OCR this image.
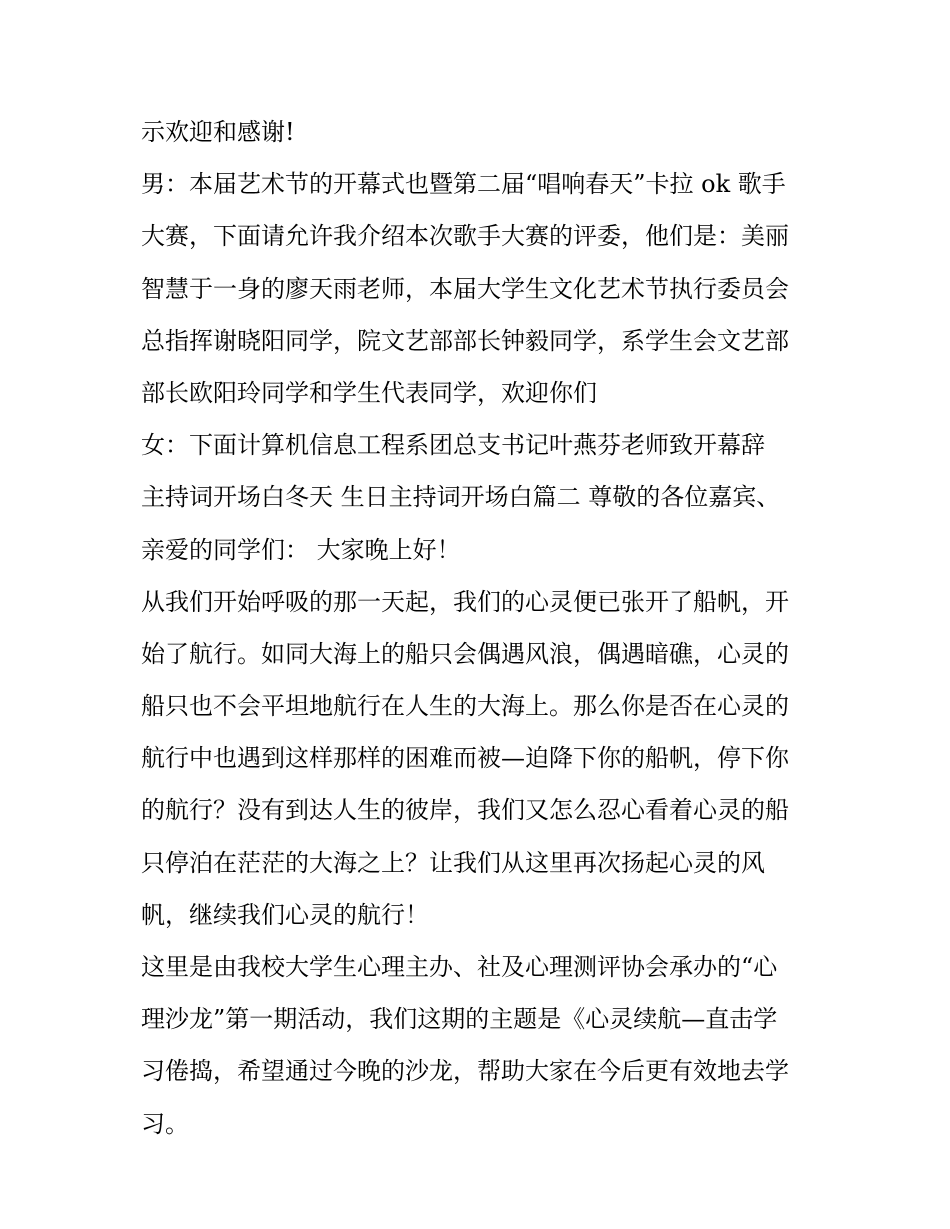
示欢迎和感谢!
男：本届艺术节的开幕式也暨第二届“唱响春天”卡拉 ok 歌手
大赛，下面请允许我介绍本次歌手大赛的评委，他们是：美丽
智慧于一身的廖天雨老师，本届大学生文化艺术节执行委员会
总指挥谢晓阳同学，院文艺部部长钟毅同学，系学生会文艺部
部长欧阳玲同学和学生代表同学，欢迎你们
女：下面计算机信息工程系团总支书记叶燕芬老师致开幕辞
主持词开场白冬天 生日主持词开场白篇二 尊敬的各位嘉宾、
亲爱的同学们： 大家晚上好！
从我们开始呼吸的那一天起，我们的心灵便已张开了船帆，开
始了航行。如同大海上的船只会偶遇风浪，偶遇暗礁，心灵的
船只也不会平坦地航行在人生的大海上。那么你是否在心灵的
航行中也遇到这样那样的困难而被—迫降下你的船帆，停下你
的航行？没有到达人生的彼岸，我们又怎么忍心看着心灵的船
只停泊在茫茫的大海之上？让我们从这里再次扬起心灵的风
帆，继续我们心灵的航行！
这里是由我校大学生心理主办、社及心理测评协会承办的“心
理沙龙”第一期活动，我们这期的主题是《心灵续航—直击学
习倦捣，希望通过今晚的沙龙，帮助大家在今后更有效地去学
习。
